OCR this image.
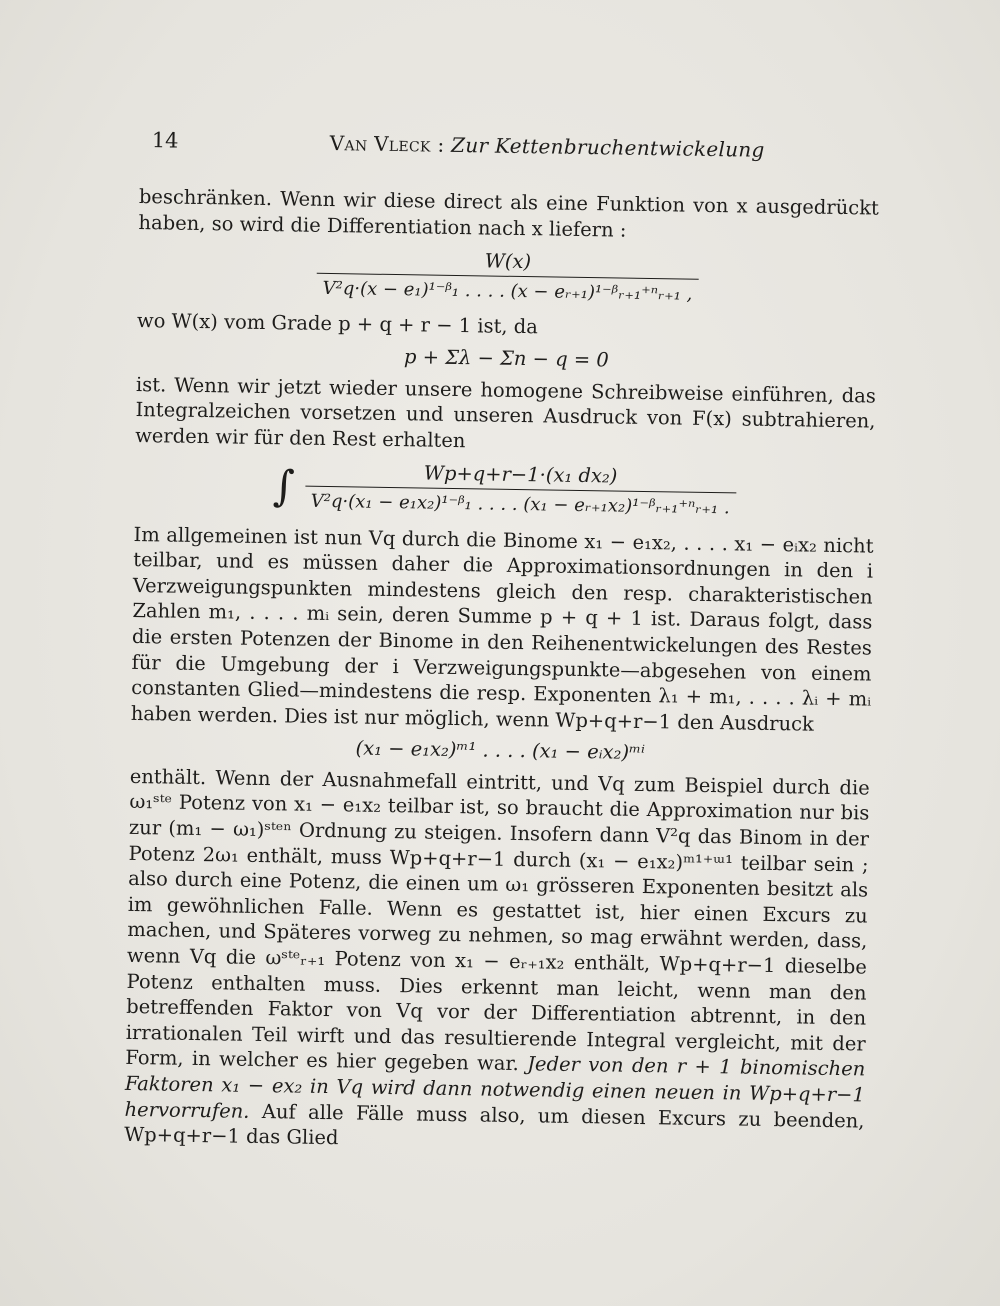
14	Van Vleck : Zur Kettenbruchentwickelung

beschränken. Wenn wir diese direct als eine Funktion von x ausgedrückt haben, so wird die Differentiation nach x liefern :

$\frac{W(x)}{\text{V²q·(x − e₁)¹⁻ᵝ₁ . . . . (x − eᵣ₊₁)¹⁻ᵝᵣ₊₁⁺ⁿᵣ₊₁ ,}}$

wo W(x) vom Grade p + q + r − 1 ist, da

p + Σλ − Σn − q = 0

ist. Wenn wir jetzt wieder unsere homogene Schreibweise einführen, das Integralzeichen vorsetzen und unseren Ausdruck von F(x) subtrahieren, werden wir für den Rest erhalten

∫ $\frac{\text{Wp+q+r−1·(x₁ dx₂)}}{\text{V²q·(x₁ − e₁x₂)¹⁻ᵝ₁ . . . . (x₁ − eᵣ₊₁x₂)¹⁻ᵝᵣ₊₁⁺ⁿᵣ₊₁ .}}$

Im allgemeinen ist nun Vq durch die Binome x₁ − e₁x₂, . . . . x₁ − eᵢx₂ nicht teilbar, und es müssen daher die Approximationsordnungen in den i Verzweigungspunkten mindestens gleich den resp. charakteristischen Zahlen m₁, . . . . mᵢ sein, deren Summe p + q + 1 ist. Daraus folgt, dass die ersten Potenzen der Binome in den Reihenentwickelungen des Restes für die Umgebung der i Verzweigungspunkte—abgesehen von einem constanten Glied—mindestens die resp. Exponenten λ₁ + m₁, . . . . λᵢ + mᵢ haben werden. Dies ist nur möglich, wenn Wp+q+r−1 den Ausdruck

(x₁ − e₁x₂)ᵐ¹ . . . . (x₁ − eᵢx₂)ᵐⁱ

enthält. Wenn der Ausnahmefall eintritt, und Vq zum Beispiel durch die ω₁ˢᵗᵉ Potenz von x₁ − e₁x₂ teilbar ist, so braucht die Approximation nur bis zur (m₁ − ω₁)ˢᵗᵉⁿ Ordnung zu steigen. Insofern dann V²q das Binom in der Potenz 2ω₁ enthält, muss Wp+q+r−1 durch (x₁ − e₁x₂)ᵐ¹⁺ᵚ¹ teilbar sein ; also durch eine Potenz, die einen um ω₁ grösseren Exponenten besitzt als im gewöhnlichen Falle. Wenn es gestattet ist, hier einen Excurs zu machen, und Späteres vorweg zu nehmen, so mag erwähnt werden, dass, wenn Vq die ωˢᵗᵉᵣ₊₁ Potenz von x₁ − eᵣ₊₁x₂ enthält, Wp+q+r−1 dieselbe Potenz enthalten muss. Dies erkennt man leicht, wenn man den betreffenden Faktor von Vq vor der Differentiation abtrennt, in den irrationalen Teil wirft und das resultierende Integral vergleicht, mit der Form, in welcher es hier gegeben war. Jeder von den r + 1 binomischen Faktoren x₁ − ex₂ in Vq wird dann notwendig einen neuen in Wp+q+r−1 hervorrufen. Auf alle Fälle muss also, um diesen Excurs zu beenden, Wp+q+r−1 das Glied
